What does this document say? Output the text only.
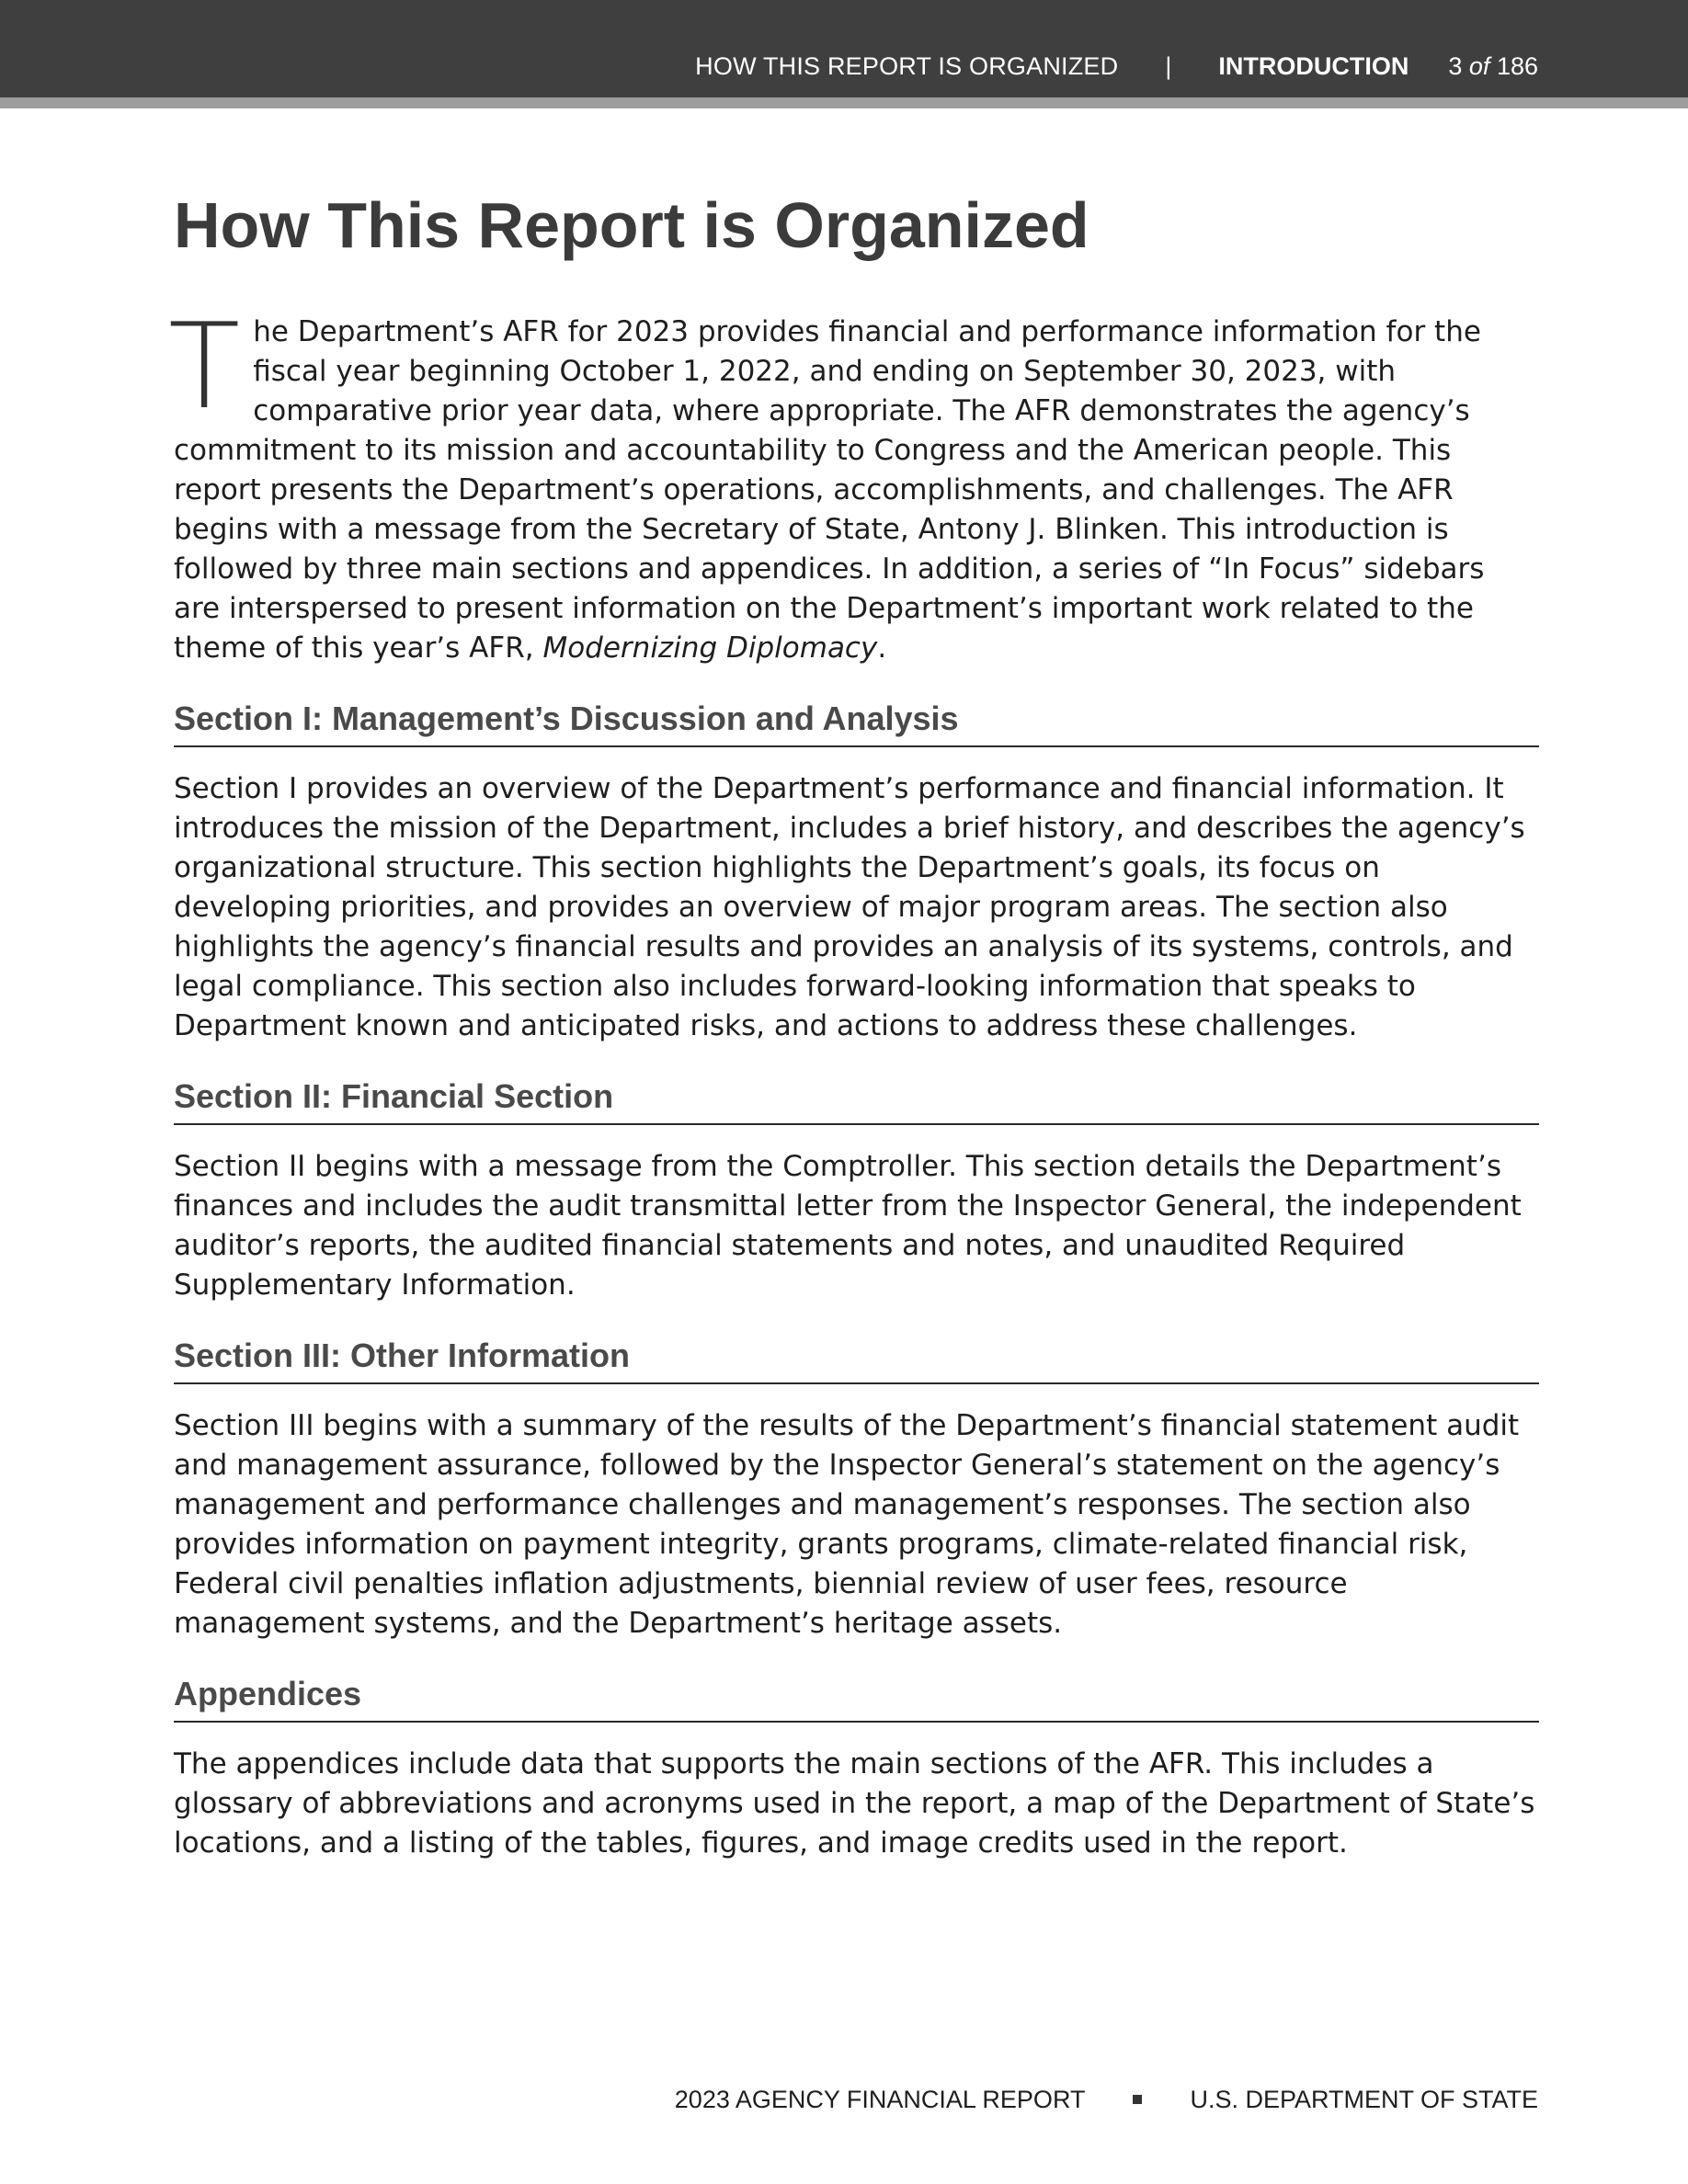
HOW THIS REPORT IS ORGANIZED | INTRODUCTION 3 of 186
How This Report is Organized
The Department’s AFR for 2023 provides financial and performance information for the fiscal year beginning October 1, 2022, and ending on September 30, 2023, with comparative prior year data, where appropriate. The AFR demonstrates the agency’s commitment to its mission and accountability to Congress and the American people. This report presents the Department’s operations, accomplishments, and challenges. The AFR begins with a message from the Secretary of State, Antony J. Blinken. This introduction is followed by three main sections and appendices. In addition, a series of “In Focus” sidebars are interspersed to present information on the Department’s important work related to the theme of this year’s AFR, Modernizing Diplomacy.
Section I: Management’s Discussion and Analysis

Section I provides an overview of the Department’s performance and financial information. It introduces the mission of the Department, includes a brief history, and describes the agency’s organizational structure. This section highlights the Department’s goals, its focus on developing priorities, and provides an overview of major program areas. The section also highlights the agency’s financial results and provides an analysis of its systems, controls, and legal compliance. This section also includes forward-looking information that speaks to Department known and anticipated risks, and actions to address these challenges.

Section II: Financial Section

Section II begins with a message from the Comptroller. This section details the Department’s finances and includes the audit transmittal letter from the Inspector General, the independent auditor’s reports, the audited financial statements and notes, and unaudited Required Supplementary Information.

Section III: Other Information

Section III begins with a summary of the results of the Department’s financial statement audit and management assurance, followed by the Inspector General’s statement on the agency’s management and performance challenges and management’s responses. The section also provides information on payment integrity, grants programs, climate-related financial risk, Federal civil penalties inflation adjustments, biennial review of user fees, resource management systems, and the Department’s heritage assets.

Appendices

The appendices include data that supports the main sections of the AFR. This includes a glossary of abbreviations and acronyms used in the report, a map of the Department of State’s locations, and a listing of the tables, figures, and image credits used in the report.

2023 AGENCY FINANCIAL REPORT	U.S. DEPARTMENT OF STATE
